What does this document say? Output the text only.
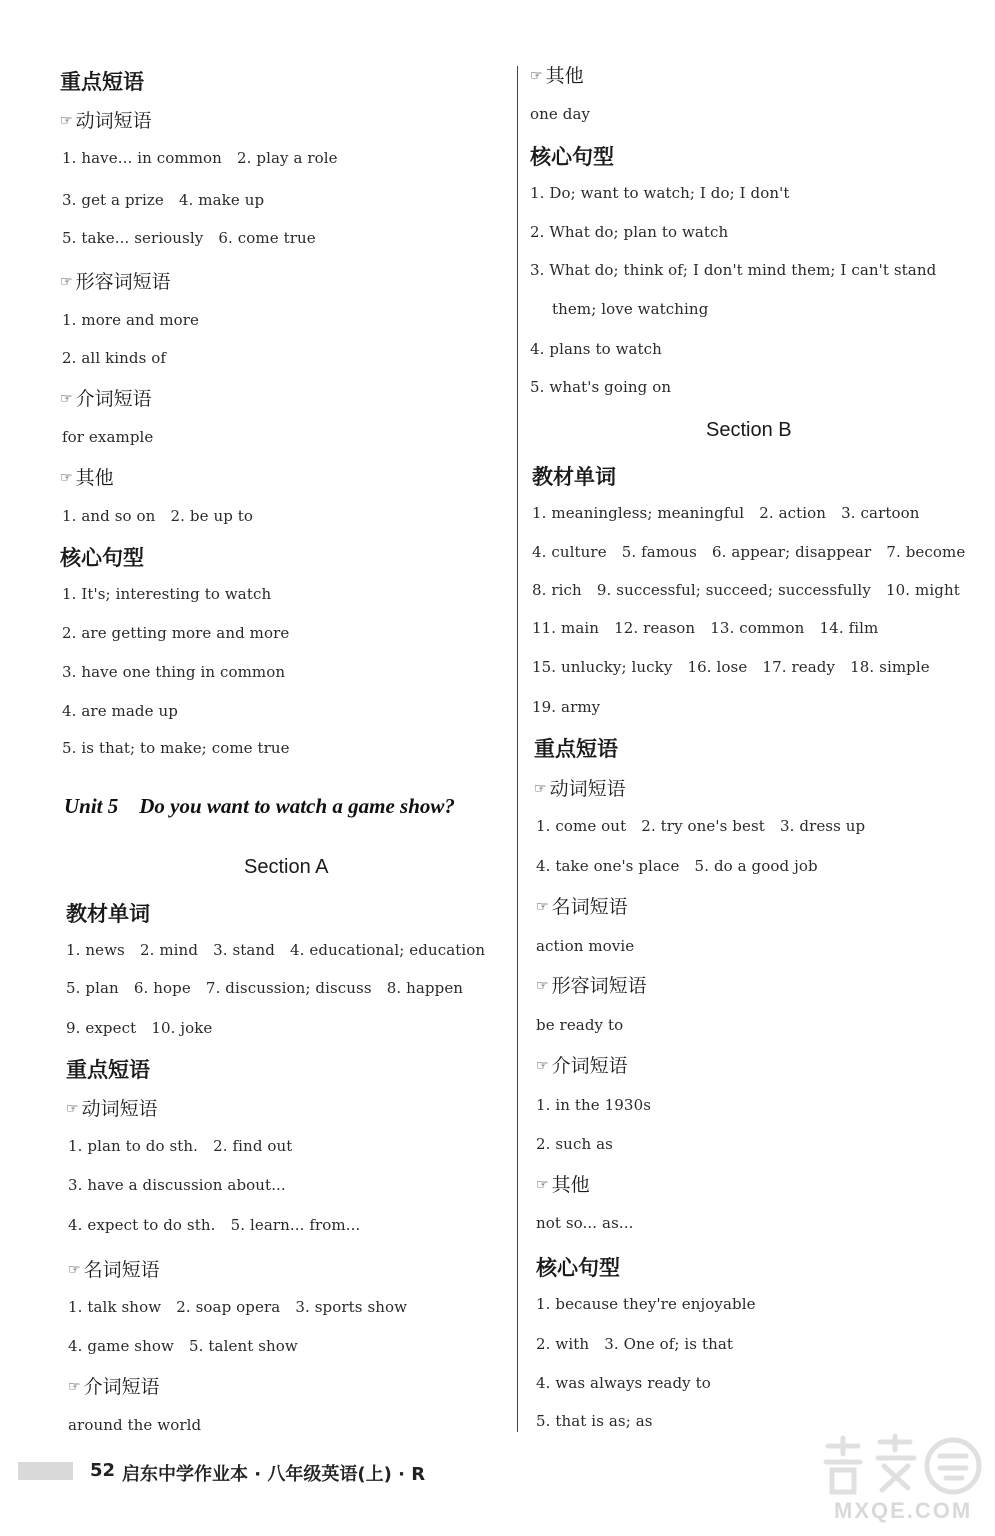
重点短语
☞ 动词短语
1. have... in common　2. play a role
3. get a prize　4. make up
5. take... seriously　6. come true
☞ 形容词短语
1. more and more
2. all kinds of
☞ 介词短语
for example
☞ 其他
1. and so on　2. be up to
核心句型
1. It's; interesting to watch
2. are getting more and more
3. have one thing in common
4. are made up
5. is that; to make; come true
Unit 5　Do you want to watch a game show?
Section A
教材单词
1. news　2. mind　3. stand　4. educational; education
5. plan　6. hope　7. discussion; discuss　8. happen
9. expect　10. joke
重点短语
☞ 动词短语
1. plan to do sth.　2. find out
3. have a discussion about...
4. expect to do sth.　5. learn... from...
☞ 名词短语
1. talk show　2. soap opera　3. sports show
4. game show　5. talent show
☞ 介词短语
around the world
☞ 其他
one day
核心句型
1. Do; want to watch; I do; I don't
2. What do; plan to watch
3. What do; think of; I don't mind them; I can't stand
them; love watching
4. plans to watch
5. what's going on
Section B
教材单词
1. meaningless; meaningful　2. action　3. cartoon
4. culture　5. famous　6. appear; disappear　7. become
8. rich　9. successful; succeed; successfully　10. might
11. main　12. reason　13. common　14. film
15. unlucky; lucky　16. lose　17. ready　18. simple
19. army
重点短语
☞ 动词短语
1. come out　2. try one's best　3. dress up
4. take one's place　5. do a good job
☞ 名词短语
action movie
☞ 形容词短语
be ready to
☞ 介词短语
1. in the 1930s
2. such as
☞ 其他
not so... as...
核心句型
1. because they're enjoyable
2. with　3. One of; is that
4. was always ready to
5. that is as; as
52 启东中学作业本 · 八年级英语(上) · R
MXQE.COM
